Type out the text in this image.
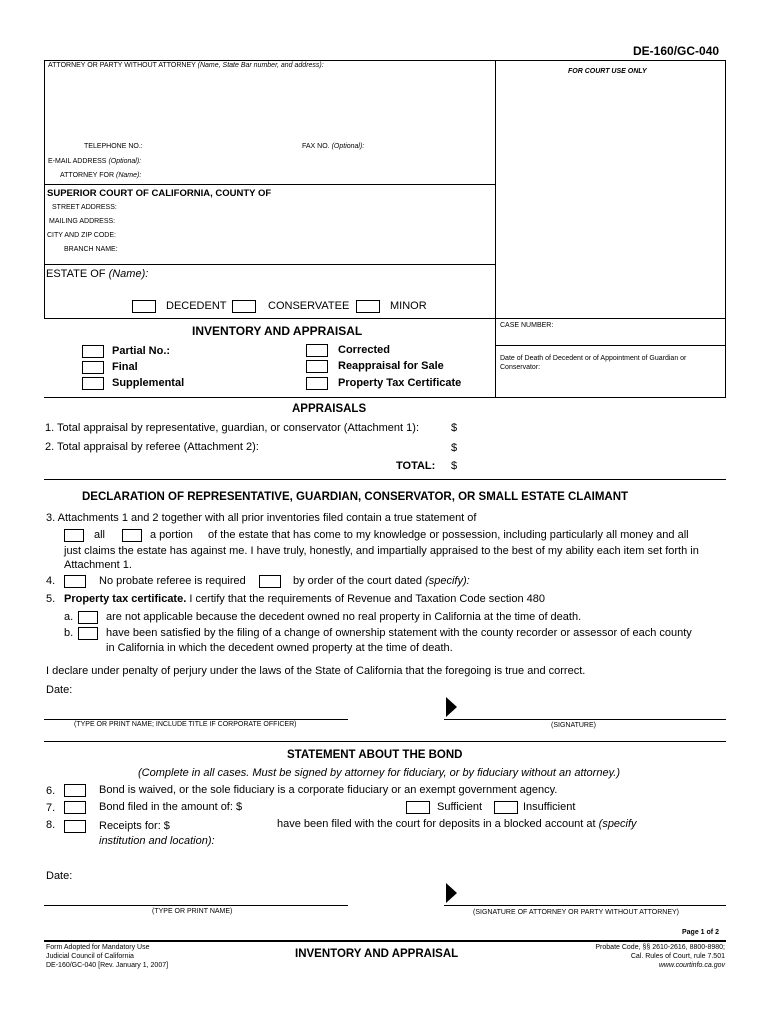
DE-160/GC-040
ATTORNEY OR PARTY WITHOUT ATTORNEY (Name, State Bar number, and address):
FOR COURT USE ONLY
TELEPHONE NO.:	FAX NO. (Optional):
E-MAIL ADDRESS (Optional):
ATTORNEY FOR (Name):
SUPERIOR COURT OF CALIFORNIA, COUNTY OF
STREET ADDRESS:
MAILING ADDRESS:
CITY AND ZIP CODE:
BRANCH NAME:
ESTATE OF (Name):
DECEDENT	CONSERVATEE	MINOR
INVENTORY AND APPRAISAL
Partial No.:
Final
Supplemental
Corrected
Reappraisal for Sale
Property Tax Certificate
CASE NUMBER:
Date of Death of Decedent or of Appointment of Guardian or Conservator:
APPRAISALS
1. Total appraisal by representative, guardian, or conservator (Attachment 1):	$
2. Total appraisal by referee (Attachment 2):	$
TOTAL: $
DECLARATION OF REPRESENTATIVE, GUARDIAN, CONSERVATOR, OR SMALL ESTATE CLAIMANT
3. Attachments 1 and 2 together with all prior inventories filed contain a true statement of
all	a portion of the estate that has come to my knowledge or possession, including particularly all money and all
just claims the estate has against me. I have truly, honestly, and impartially appraised to the best of my ability each item set forth in
Attachment 1.
4.	No probate referee is required	by order of the court dated (specify):
5. Property tax certificate. I certify that the requirements of Revenue and Taxation Code section 480
a.	are not applicable because the decedent owned no real property in California at the time of death.
b.	have been satisfied by the filing of a change of ownership statement with the county recorder or assessor of each county
in California in which the decedent owned property at the time of death.
I declare under penalty of perjury under the laws of the State of California that the foregoing is true and correct.
Date:
(TYPE OR PRINT NAME; INCLUDE TITLE IF CORPORATE OFFICER)	(SIGNATURE)
STATEMENT ABOUT THE BOND
(Complete in all cases. Must be signed by attorney for fiduciary, or by fiduciary without an attorney.)
6.	Bond is waived, or the sole fiduciary is a corporate fiduciary or an exempt government agency.
7.	Bond filed in the amount of: $	Sufficient	Insufficient
8.	Receipts for: $	have been filed with the court for deposits in a blocked account at (specify
institution and location):
Date:
(TYPE OR PRINT NAME)	(SIGNATURE OF ATTORNEY OR PARTY WITHOUT ATTORNEY)
Page 1 of 2
Form Adopted for Mandatory Use
Judicial Council of California
DE-160/GC-040 [Rev. January 1, 2007]
INVENTORY AND APPRAISAL
Probate Code, §§ 2610-2616, 8800-8980;
Cal. Rules of Court, rule 7.501
www.courtinfo.ca.gov
